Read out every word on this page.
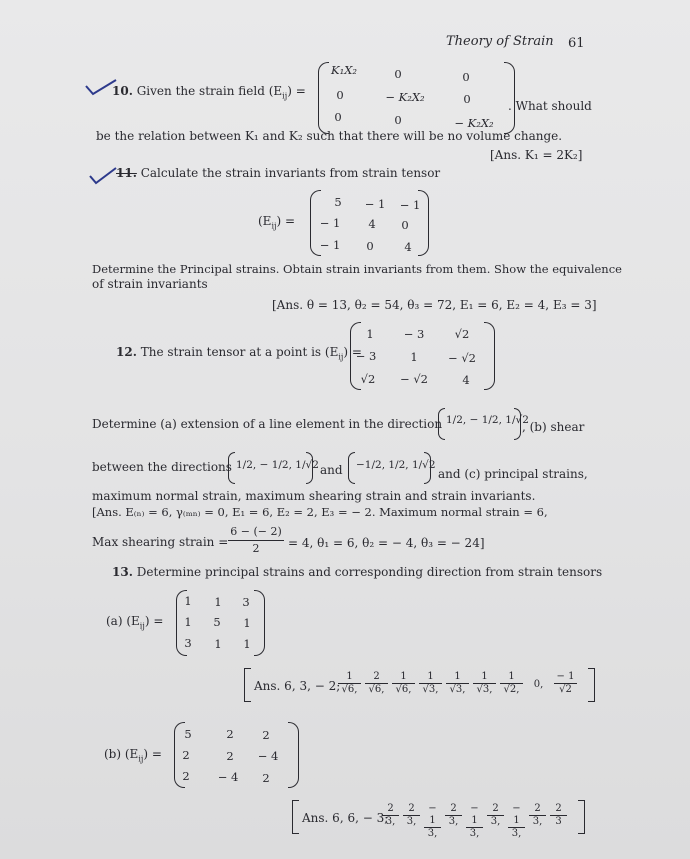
Theory of Strain 61
10. Given the strain field $(E_{ij})$ =
K₁X₂	0	0
0	− K₂X₂	0
0	0	− K₂X₂
. What should
be the relation between K₁ and K₂ such that there will be no volume change.
[Ans. K₁ = 2K₂]
11. Calculate the strain invariants from strain tensor
$(E_{ij})$ =
5	− 1	− 1
− 1	4	0
− 1	0	4
Determine the Principal strains. Obtain strain invariants from them. Show the equivalence
of strain invariants
[Ans. θ = 13, θ₂ = 54, θ₃ = 72, E₁ = 6, E₂ = 4, E₃ = 3]
12. The strain tensor at a point is $(E_{ij})$ =
1	− 3	√2
− 3	1	− √2
√2	− √2	4
Determine (a) extension of a line element in the direction 1/2, − 1/2, 1/√2
, (b) shear
between the directions 1/2, − 1/2, 1/√2 and −1/2, 1/2, 1/√2
and (c) principal strains,
maximum normal strain, maximum shearing strain and strain invariants.
[Ans. E₍ₙ₎ = 6, γ₍ₘₙ₎ = 0, E₁ = 6, E₂ = 2, E₃ = − 2. Maximum normal strain = 6,
Max shearing strain =
6 − (− 2)
2	= 4, θ₁ = 6, θ₂ = − 4, θ₃ = − 24]
13. Determine principal strains and corresponding direction from strain tensors
(a) $(E_{ij})$ =
1	1	3
1	5	1
3	1	1
Ans. 6, 3, − 2;
1
√6,
2
√6,
1
√6,
1
√3,
1
√3,
1
√3,
1
√2,	0,
− 1
√2
(b) $(E_{ij})$ =
5	2	2
2	2	− 4
2	− 4	2
Ans. 6, 6, − 3;
2
3,
2
3,
− 1
3,
2
3,
− 1
3,
2
3,
− 1
3,
2
3,
2
3
